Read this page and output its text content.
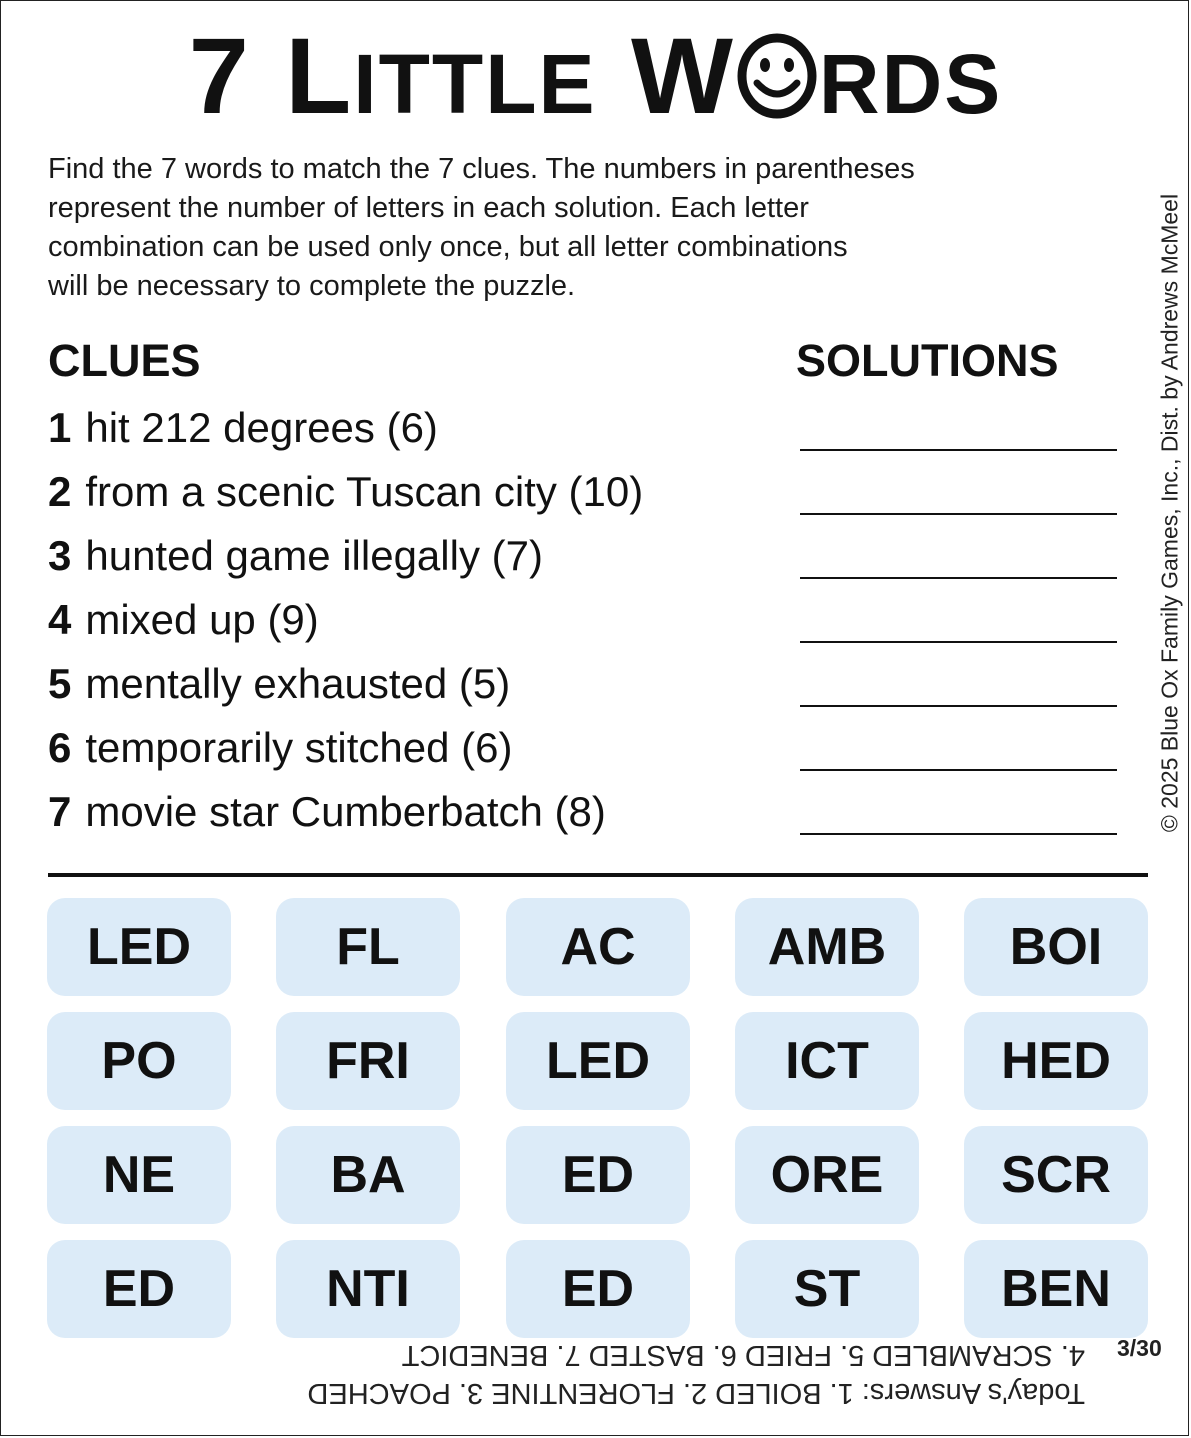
7 LITTLE W RDS
Find the 7 words to match the 7 clues. The numbers in parentheses
represent the number of letters in each solution. Each letter
combination can be used only once, but all letter combinations
will be necessary to complete the puzzle.	© 2025 Blue Ox Family Games, Inc., Dist. by Andrews McMeel
CLUES	SOLUTIONS
1 hit 212 degrees (6)
2 from a scenic Tuscan city (10)
3 hunted game illegally (7)
4 mixed up (9)
5 mentally exhausted (5)
6 temporarily stitched (6)
7 movie star Cumberbatch (8)
LED	FL	AC	AMB	BOI
PO	FRI	LED	ICT	HED
NE	BA	ED	ORE	SCR
ED	NTI	ED	ST	BEN
Today's Answers: 1. BOILED 2. FLORENTINE 3. POACHED
4. SCRAMBLED 5. FRIED 6. BASTED 7. BENEDICT 3/30
